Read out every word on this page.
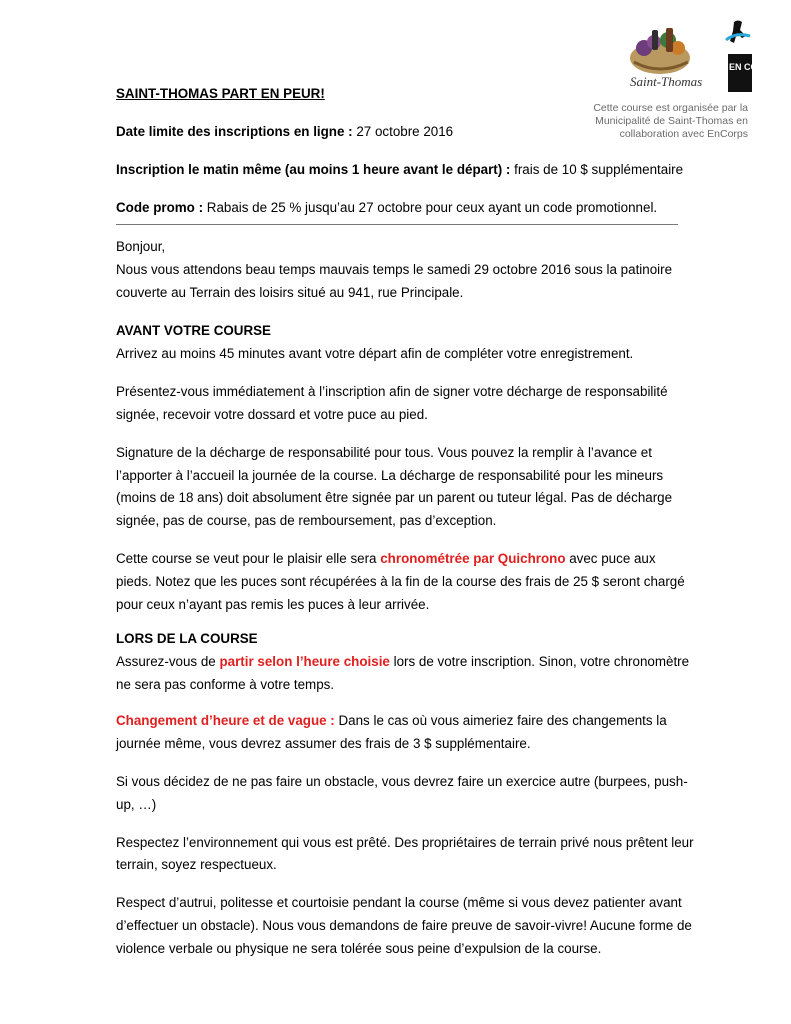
Saint-Thomas
EN CORPS
Cette course est organisée par la
Municipalité de Saint-Thomas en
collaboration avec EnCorps
SAINT-THOMAS PART EN PEUR!
Date limite des inscriptions en ligne : 27 octobre 2016
Inscription le matin même (au moins 1 heure avant le départ) : frais de 10 $ supplémentaire
Code promo : Rabais de 25 % jusqu’au 27 octobre pour ceux ayant un code promotionnel.
Bonjour,
Nous vous attendons beau temps mauvais temps le samedi 29 octobre 2016 sous la patinoire
couverte au Terrain des loisirs situé au 941, rue Principale.
AVANT VOTRE COURSE
Arrivez au moins 45 minutes avant votre départ afin de compléter votre enregistrement.
Présentez-vous immédiatement à l’inscription afin de signer votre décharge de responsabilité
signée, recevoir votre dossard et votre puce au pied.
Signature de la décharge de responsabilité pour tous. Vous pouvez la remplir à l’avance et
l’apporter à l’accueil la journée de la course. La décharge de responsabilité pour les mineurs
(moins de 18 ans) doit absolument être signée par un parent ou tuteur légal. Pas de décharge
signée, pas de course, pas de remboursement, pas d’exception.
Cette course se veut pour le plaisir elle sera chronométrée par Quichrono avec puce aux
pieds. Notez que les puces sont récupérées à la fin de la course des frais de 25 $ seront chargé
pour ceux n’ayant pas remis les puces à leur arrivée.
LORS DE LA COURSE
Assurez-vous de partir selon l’heure choisie lors de votre inscription. Sinon, votre chronomètre
ne sera pas conforme à votre temps.
Changement d’heure et de vague : Dans le cas où vous aimeriez faire des changements la
journée même, vous devrez assumer des frais de 3 $ supplémentaire.
Si vous décidez de ne pas faire un obstacle, vous devrez faire un exercice autre (burpees, push-
up, …)
Respectez l’environnement qui vous est prêté. Des propriétaires de terrain privé nous prêtent leur
terrain, soyez respectueux.
Respect d’autrui, politesse et courtoisie pendant la course (même si vous devez patienter avant
d’effectuer un obstacle). Nous vous demandons de faire preuve de savoir-vivre! Aucune forme de
violence verbale ou physique ne sera tolérée sous peine d’expulsion de la course.
